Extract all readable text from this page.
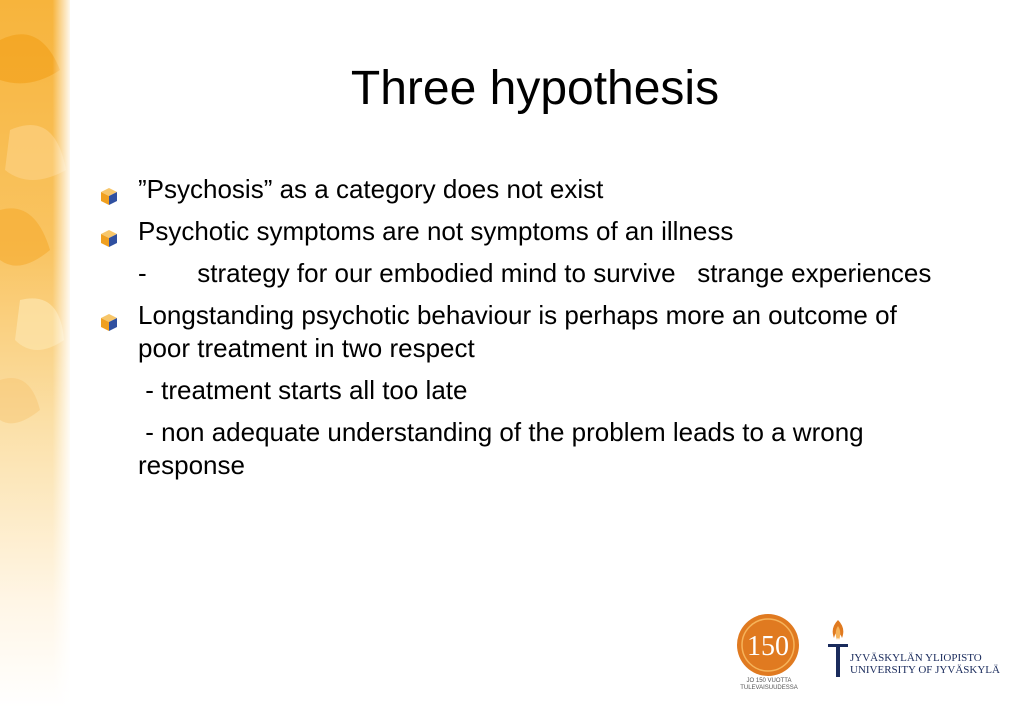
Three hypothesis
”Psychosis” as a category does not exist
Psychotic symptoms are not symptoms of an illness
-       strategy for our embodied mind to survive   strange experiences
Longstanding psychotic behaviour is perhaps more an outcome of poor treatment in two respect
- treatment starts all too late
- non adequate understanding of the problem leads to a wrong response
150
JO 150 VUOTTA
TULEVAISUUDESSA
JYVÄSKYLÄN YLIOPISTO
UNIVERSITY OF JYVÄSKYLÄ
